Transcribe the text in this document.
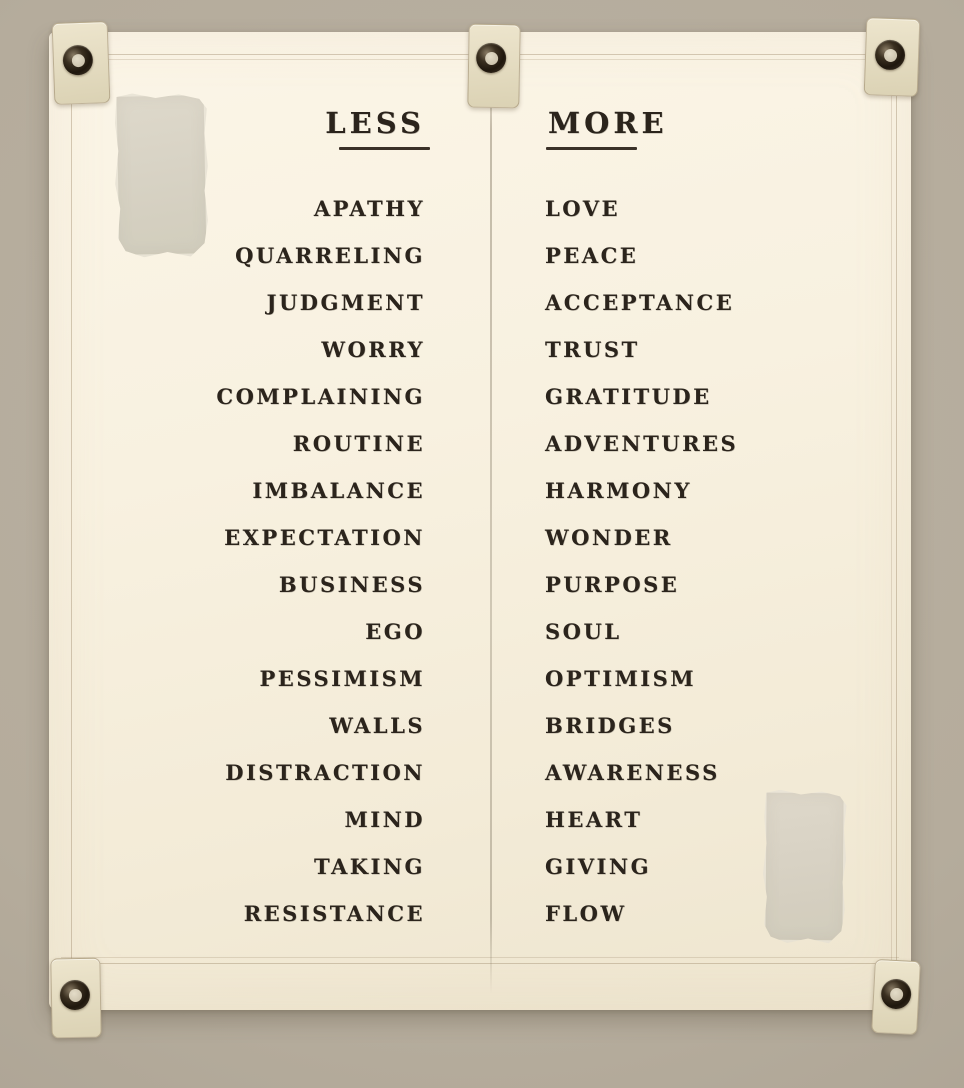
LESS	MORE
APATHY	LOVE
QUARRELING	PEACE
JUDGMENT	ACCEPTANCE
WORRY	TRUST
COMPLAINING	GRATITUDE
ROUTINE	ADVENTURES
IMBALANCE	HARMONY
EXPECTATION	WONDER
BUSINESS	PURPOSE
EGO	SOUL
PESSIMISM	OPTIMISM
WALLS	BRIDGES
DISTRACTION	AWARENESS
MIND	HEART
TAKING	GIVING
RESISTANCE	FLOW
